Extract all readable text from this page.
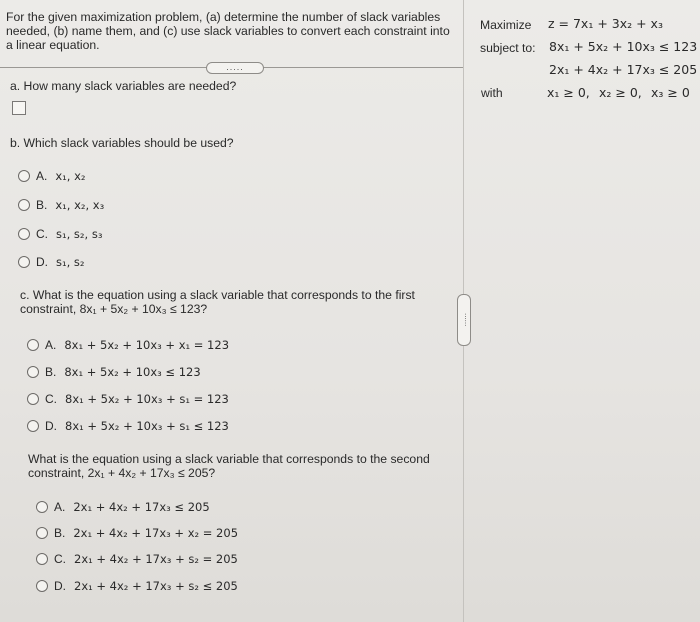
For the given maximization problem, (a) determine the number of slack variables needed, (b) name them, and (c) use slack variables to convert each constraint into a linear equation.
.....
......
Maximize z = 7x₁ + 3x₂ + x₃
subject to: 8x₁ + 5x₂ + 10x₃ ≤ 123
2x₁ + 4x₂ + 17x₃ ≤ 205
with	x₁ ≥ 0, x₂ ≥ 0, x₃ ≥ 0
a. How many slack variables are needed?
b. Which slack variables should be used?
A. x₁, x₂
B. x₁, x₂, x₃
C. s₁, s₂, s₃
D. s₁, s₂
c. What is the equation using a slack variable that corresponds to the first
constraint, 8x₁ + 5x₂ + 10x₃ ≤ 123?
A. 8x₁ + 5x₂ + 10x₃ + x₁ = 123
B. 8x₁ + 5x₂ + 10x₃ ≤ 123
C. 8x₁ + 5x₂ + 10x₃ + s₁ = 123
D. 8x₁ + 5x₂ + 10x₃ + s₁ ≤ 123
What is the equation using a slack variable that corresponds to the second
constraint, 2x₁ + 4x₂ + 17x₃ ≤ 205?
A. 2x₁ + 4x₂ + 17x₃ ≤ 205
B. 2x₁ + 4x₂ + 17x₃ + x₂ = 205
C. 2x₁ + 4x₂ + 17x₃ + s₂ = 205
D. 2x₁ + 4x₂ + 17x₃ + s₂ ≤ 205
